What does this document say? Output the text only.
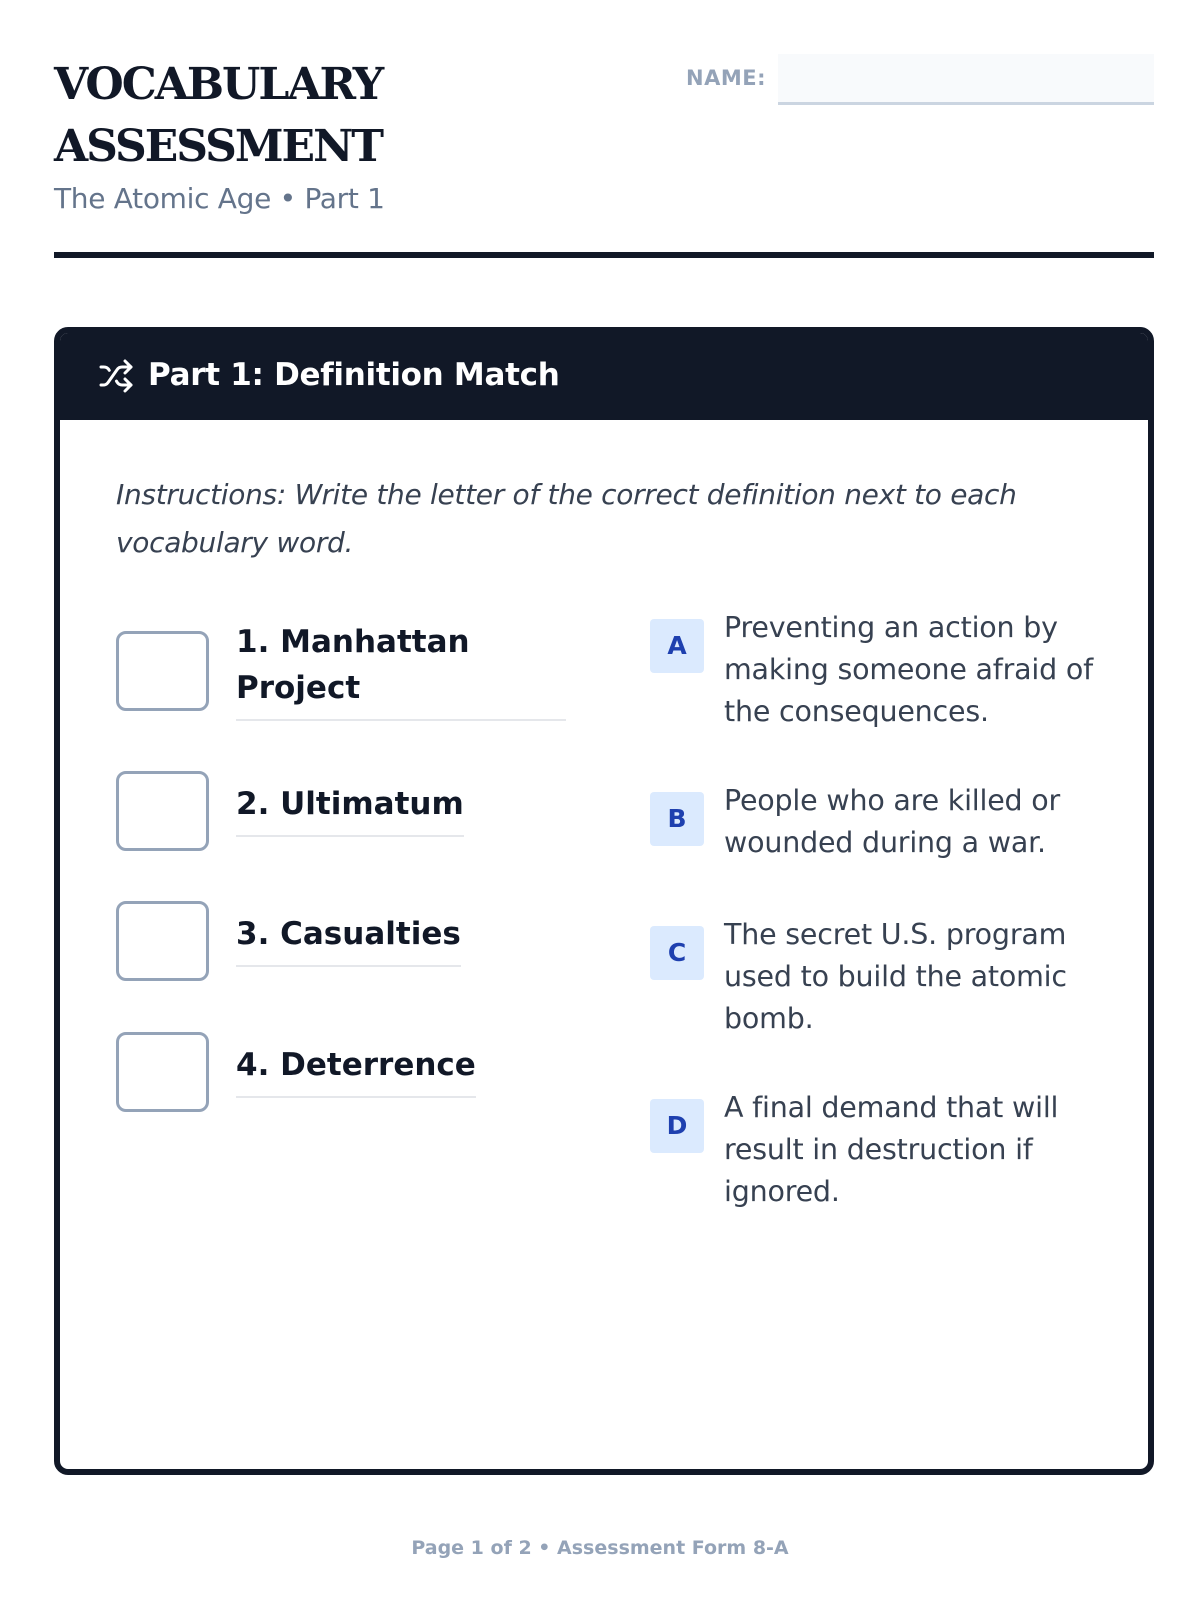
VOCABULARY ASSESSMENT
The Atomic Age • Part 1
NAME:
Part 1: Definition Match

Instructions: Write the letter of the correct definition next to each vocabulary word.

1. Manhattan Project

2. Ultimatum

3. Casualties

4. Deterrence

A

Preventing an action by making someone afraid of the consequences.

B

People who are killed or wounded during a war.

C

The secret U.S. program used to build the atomic bomb.

D

A final demand that will result in destruction if ignored.

Page 1 of 2 • Assessment Form 8-A
